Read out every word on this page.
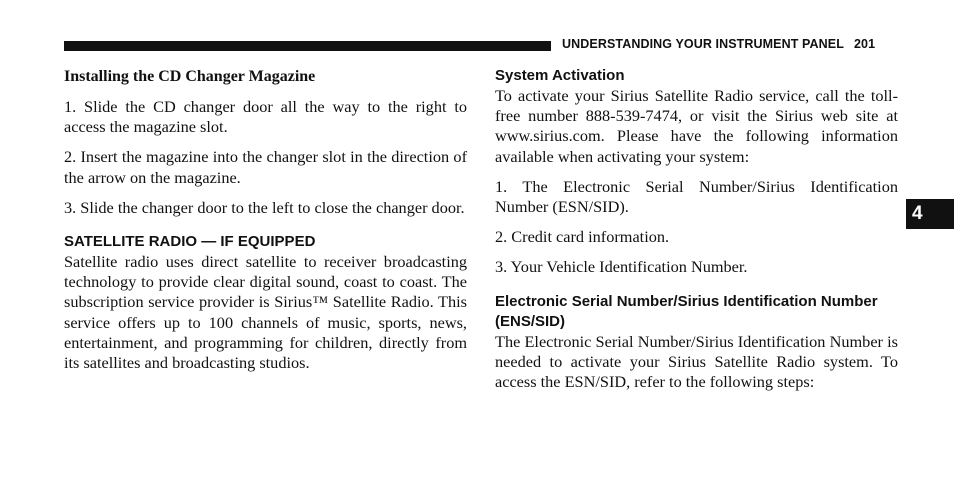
UNDERSTANDING YOUR INSTRUMENT PANEL 201
4
Installing the CD Changer Magazine

1. Slide the CD changer door all the way to the right to access the magazine slot.

2. Insert the magazine into the changer slot in the direction of the arrow on the magazine.

3. Slide the changer door to the left to close the changer door.

SATELLITE RADIO — IF EQUIPPED

Satellite radio uses direct satellite to receiver broadcasting technology to provide clear digital sound, coast to coast. The subscription service provider is Sirius™ Satellite Radio. This service offers up to 100 channels of music, sports, news, entertainment, and programming for children, directly from its satellites and broadcasting studios.

System Activation

To activate your Sirius Satellite Radio service, call the toll-free number 888-539-7474, or visit the Sirius web site at www.sirius.com. Please have the following information available when activating your system:

1. The Electronic Serial Number/Sirius Identification Number (ESN/SID).

2. Credit card information.

3. Your Vehicle Identification Number.

Electronic Serial Number/Sirius Identification Number (ENS/SID)

The Electronic Serial Number/Sirius Identification Number is needed to activate your Sirius Satellite Radio system. To access the ESN/SID, refer to the following steps:
